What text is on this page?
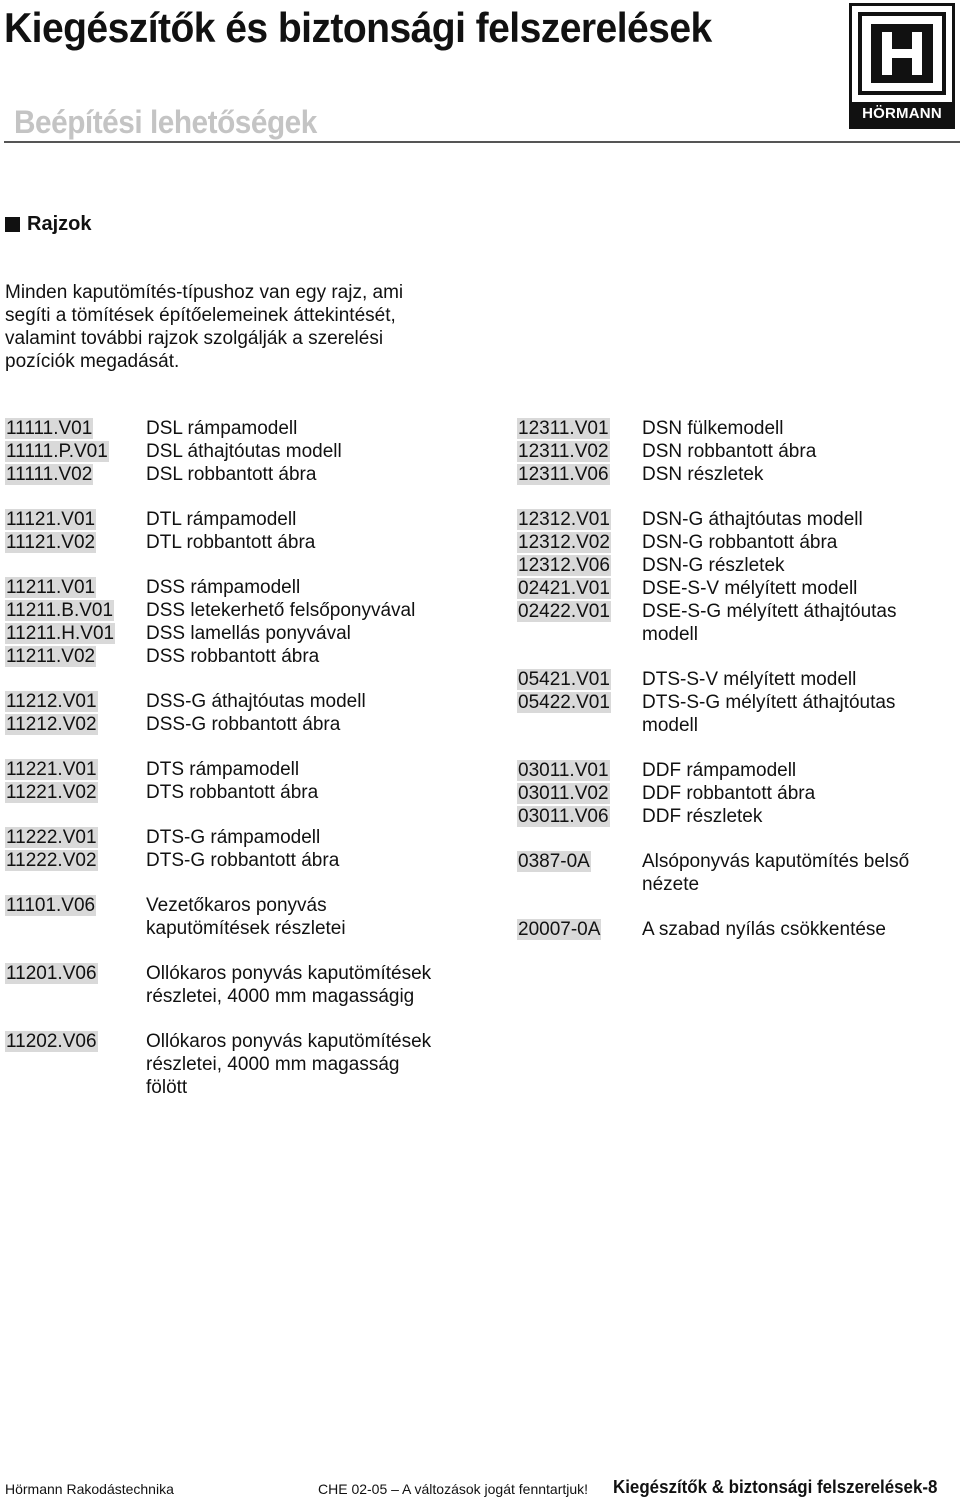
Kiegészítők és biztonsági felszerelések
Beépítési lehetőségek	HÖRMANN
Rajzok
Minden kaputömítés-típushoz van egy rajz, ami
segíti a tömítések építőelemeinek áttekintését,
valamint további rajzok szolgálják a szerelési
pozíciók megadását.
11111.V01	DSL rámpamodell
11111.P.V01	DSL áthajtóutas modell
11111.V02	DSL robbantott ábra
11121.V01	DTL rámpamodell
11121.V02	DTL robbantott ábra
11211.V01	DSS rámpamodell
11211.B.V01	DSS letekerhető felsőponyvával
11211.H.V01	DSS lamellás ponyvával
11211.V02	DSS robbantott ábra
11212.V01	DSS-G áthajtóutas modell
11212.V02	DSS-G robbantott ábra
11221.V01	DTS rámpamodell
11221.V02	DTS robbantott ábra
11222.V01	DTS-G rámpamodell
11222.V02	DTS-G robbantott ábra
11101.V06	Vezetőkaros ponyvás
kaputömítések részletei
11201.V06	Ollókaros ponyvás kaputömítések
részletei, 4000 mm magasságig
11202.V06	Ollókaros ponyvás kaputömítések
részletei, 4000 mm magasság
fölött
12311.V01	DSN fülkemodell
12311.V02	DSN robbantott ábra
12311.V06	DSN részletek
12312.V01	DSN-G áthajtóutas modell
12312.V02	DSN-G robbantott ábra
12312.V06	DSN-G részletek
02421.V01	DSE-S-V mélyített modell
02422.V01	DSE-S-G mélyített áthajtóutas
modell
05421.V01	DTS-S-V mélyített modell
05422.V01	DTS-S-G mélyített áthajtóutas
modell
03011.V01	DDF rámpamodell
03011.V02	DDF robbantott ábra
03011.V06	DDF részletek
0387-0A	Alsóponyvás kaputömítés belső
nézete
20007-0A	A szabad nyílás csökkentése
Hörmann Rakodástechnika	CHE 02-05 – A változások jogát fenntartjuk! Kiegészítők & biztonsági felszerelések-8
